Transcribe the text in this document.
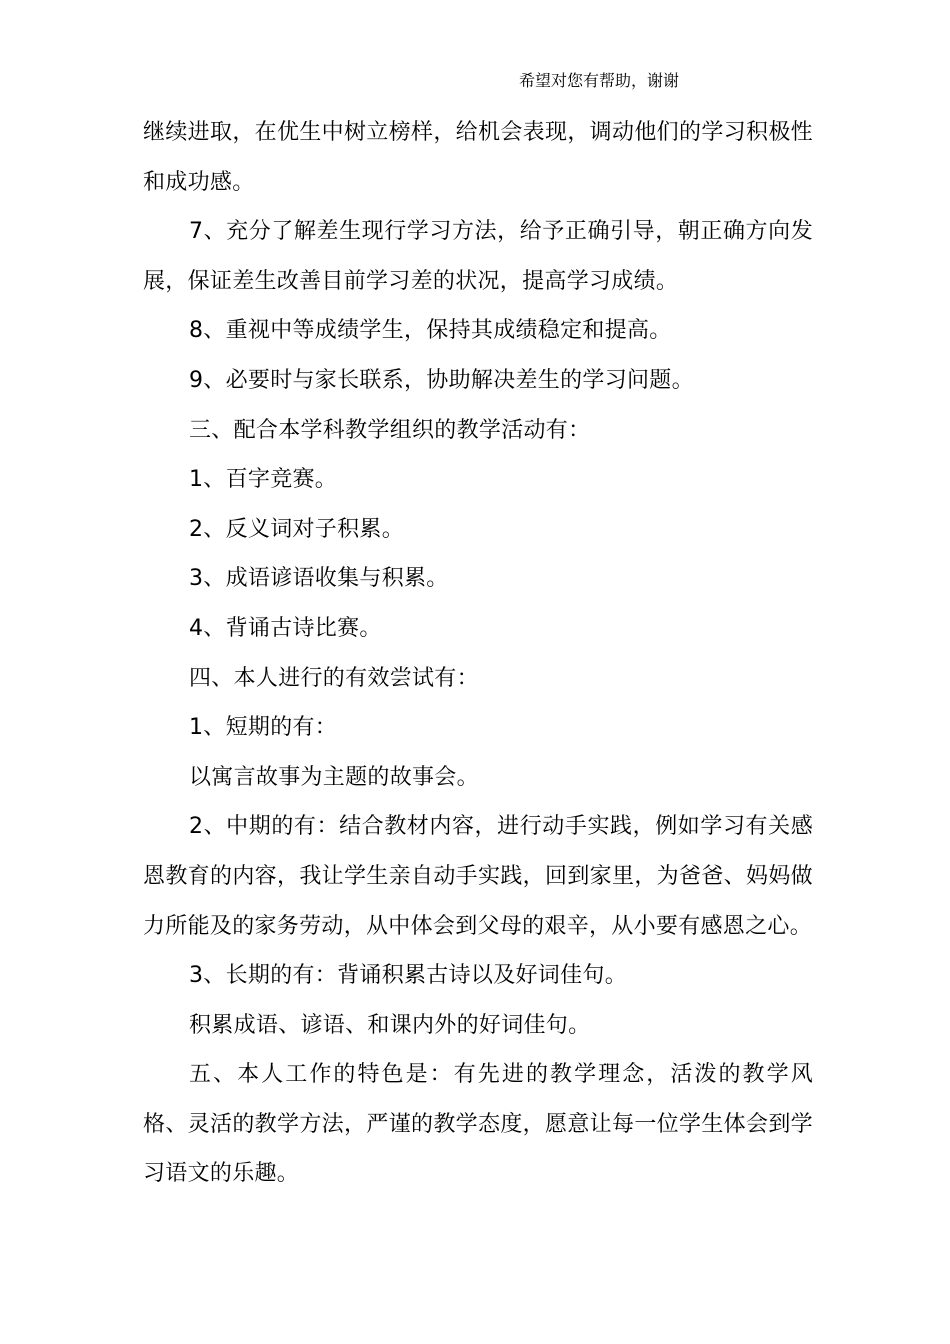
希望对您有帮助，谢谢

继续进取，在优生中树立榜样，给机会表现，调动他们的学习积极性和成功感。

7、充分了解差生现行学习方法，给予正确引导，朝正确方向发展，保证差生改善目前学习差的状况，提高学习成绩。

8、重视中等成绩学生，保持其成绩稳定和提高。

9、必要时与家长联系，协助解决差生的学习问题。

三、配合本学科教学组织的教学活动有：

1、百字竞赛。

2、反义词对子积累。

3、成语谚语收集与积累。

4、背诵古诗比赛。

四、本人进行的有效尝试有：

1、短期的有：

以寓言故事为主题的故事会。

2、中期的有：结合教材内容，进行动手实践，例如学习有关感恩教育的内容，我让学生亲自动手实践，回到家里，为爸爸、妈妈做力所能及的家务劳动，从中体会到父母的艰辛，从小要有感恩之心。

3、长期的有：背诵积累古诗以及好词佳句。

积累成语、谚语、和课内外的好词佳句。

五、本人工作的特色是：有先进的教学理念，活泼的教学风格、灵活的教学方法，严谨的教学态度，愿意让每一位学生体会到学习语文的乐趣。
